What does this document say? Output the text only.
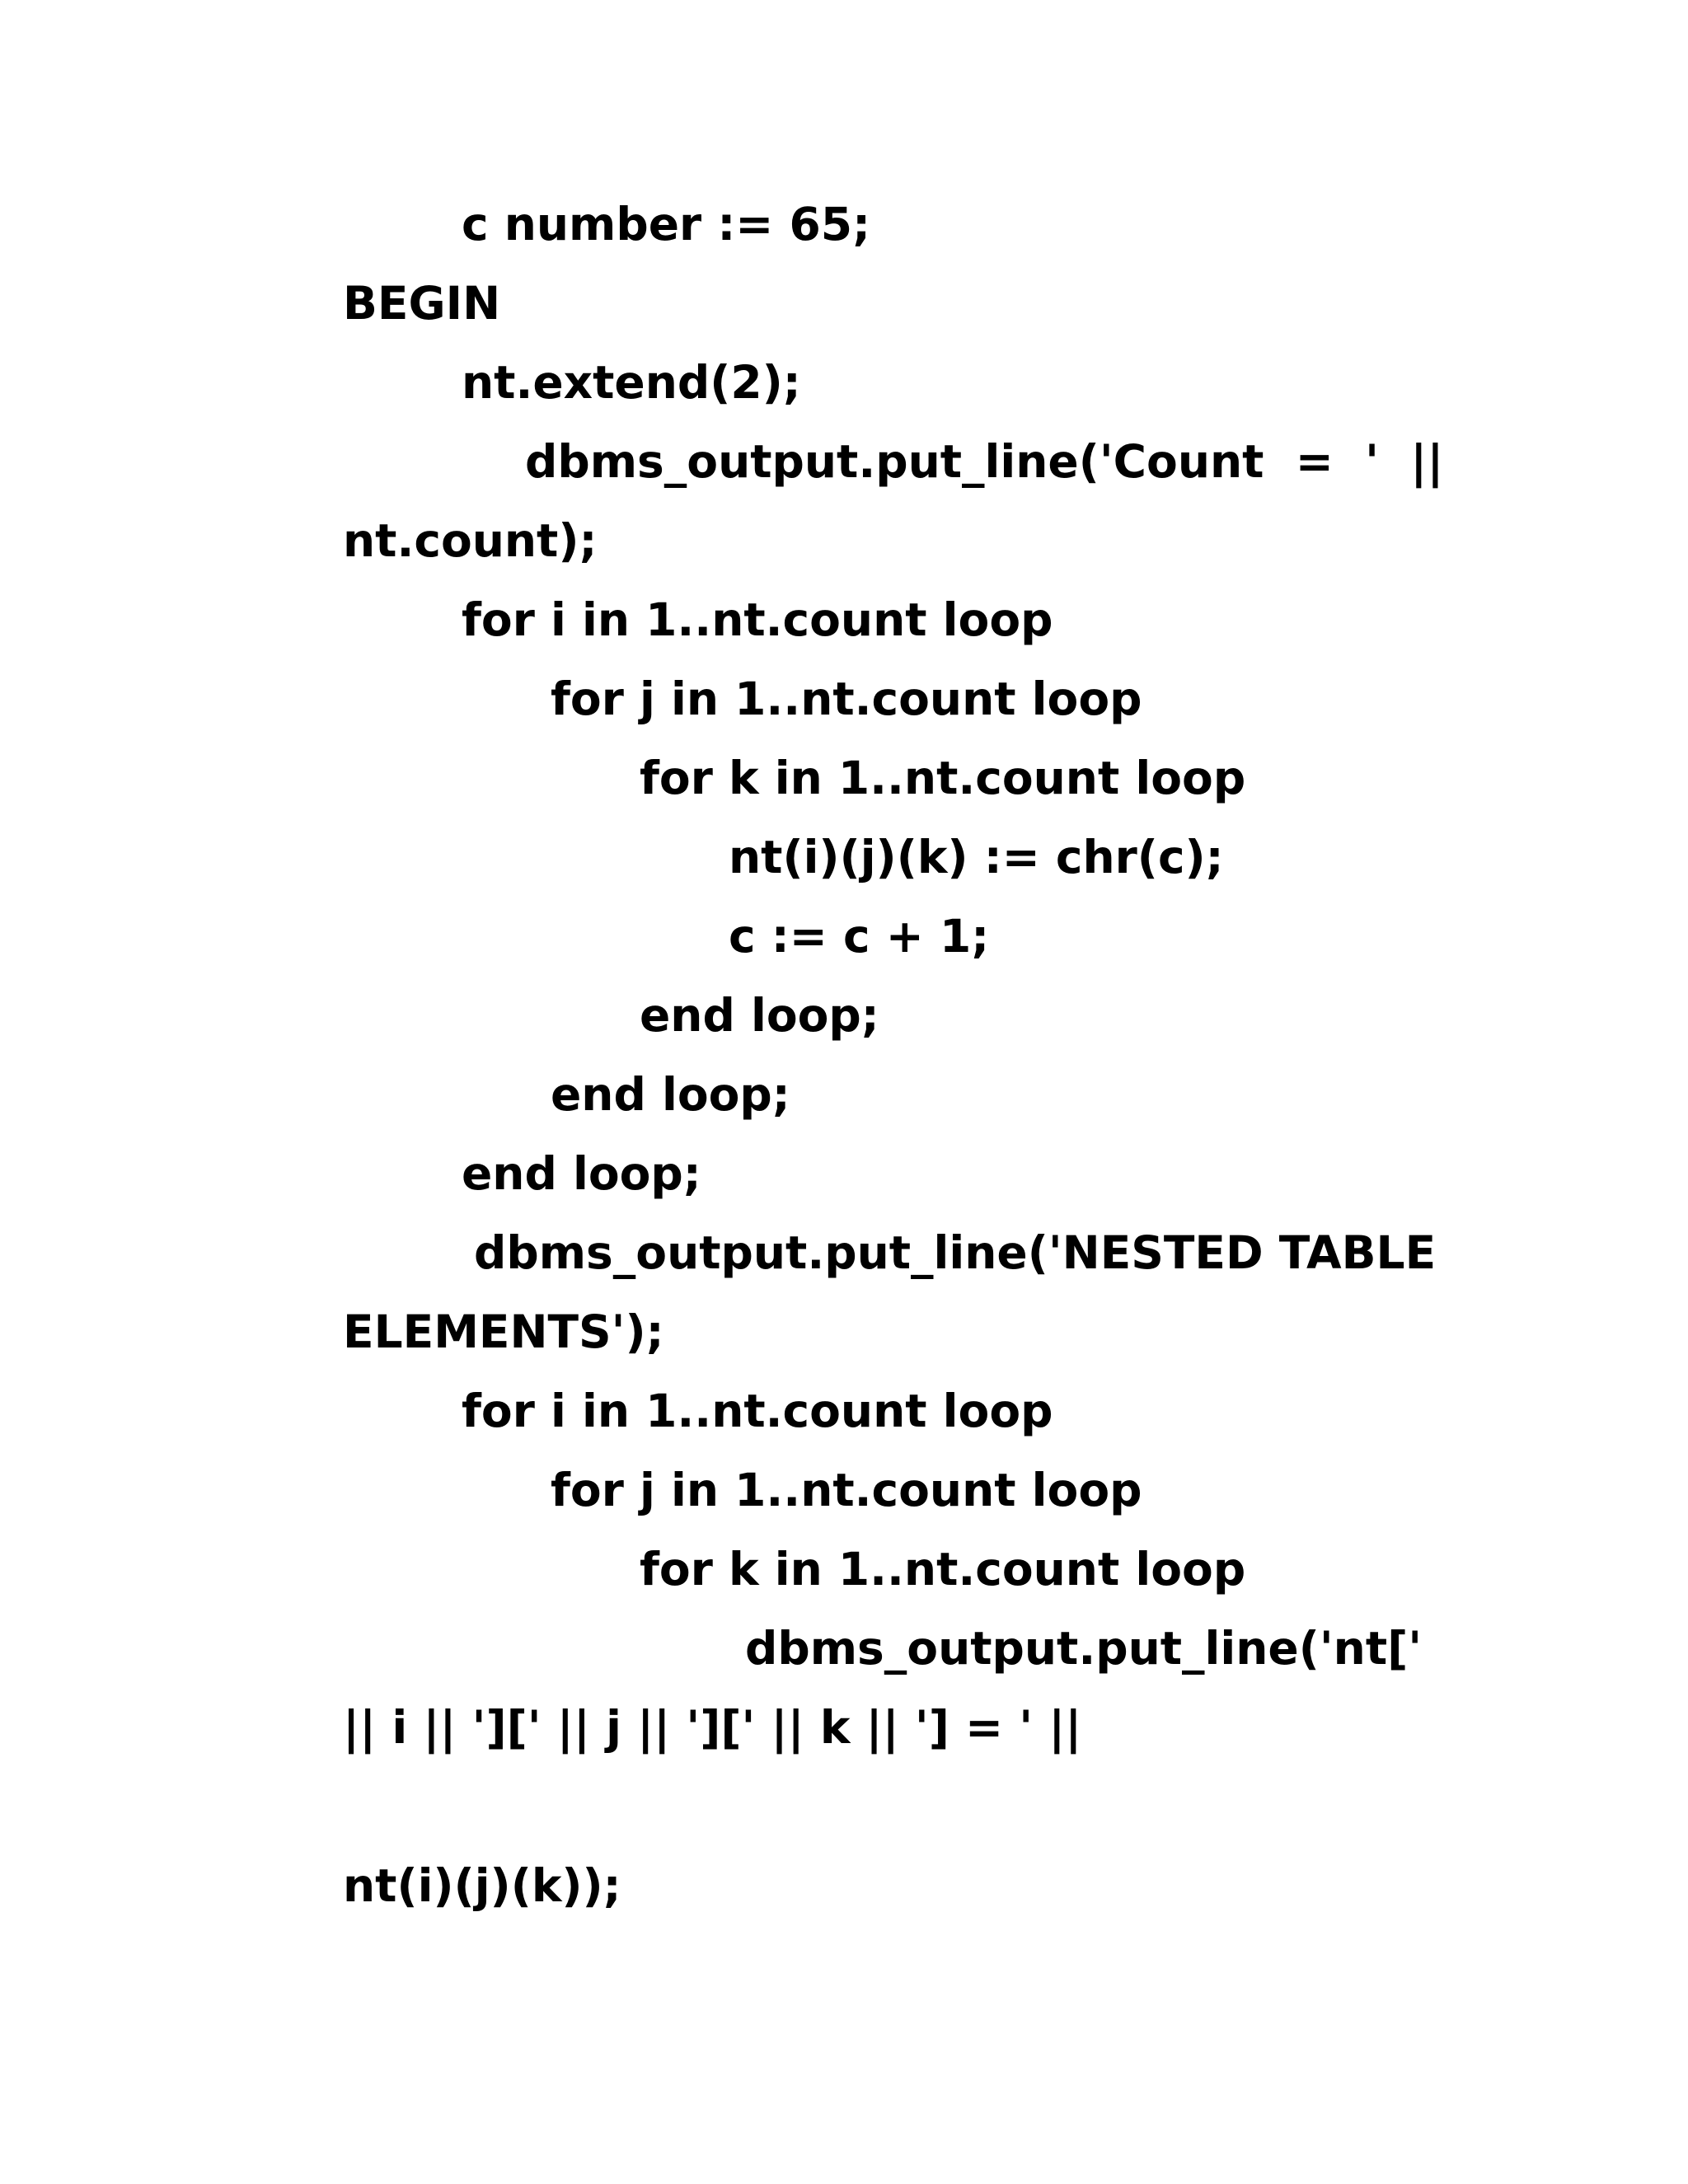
c number := 65;

BEGIN

nt.extend(2);

dbms_output.put_line('Count  =  '  ||

nt.count);

for i in 1..nt.count loop

for j in 1..nt.count loop

for k in 1..nt.count loop

nt(i)(j)(k) := chr(c);

c := c + 1;

end loop;

end loop;

end loop;

dbms_output.put_line('NESTED TABLE

ELEMENTS');

for i in 1..nt.count loop

for j in 1..nt.count loop

for k in 1..nt.count loop

dbms_output.put_line('nt['

|| i || '][' || j || '][' || k || '] = ' ||

nt(i)(j)(k));
